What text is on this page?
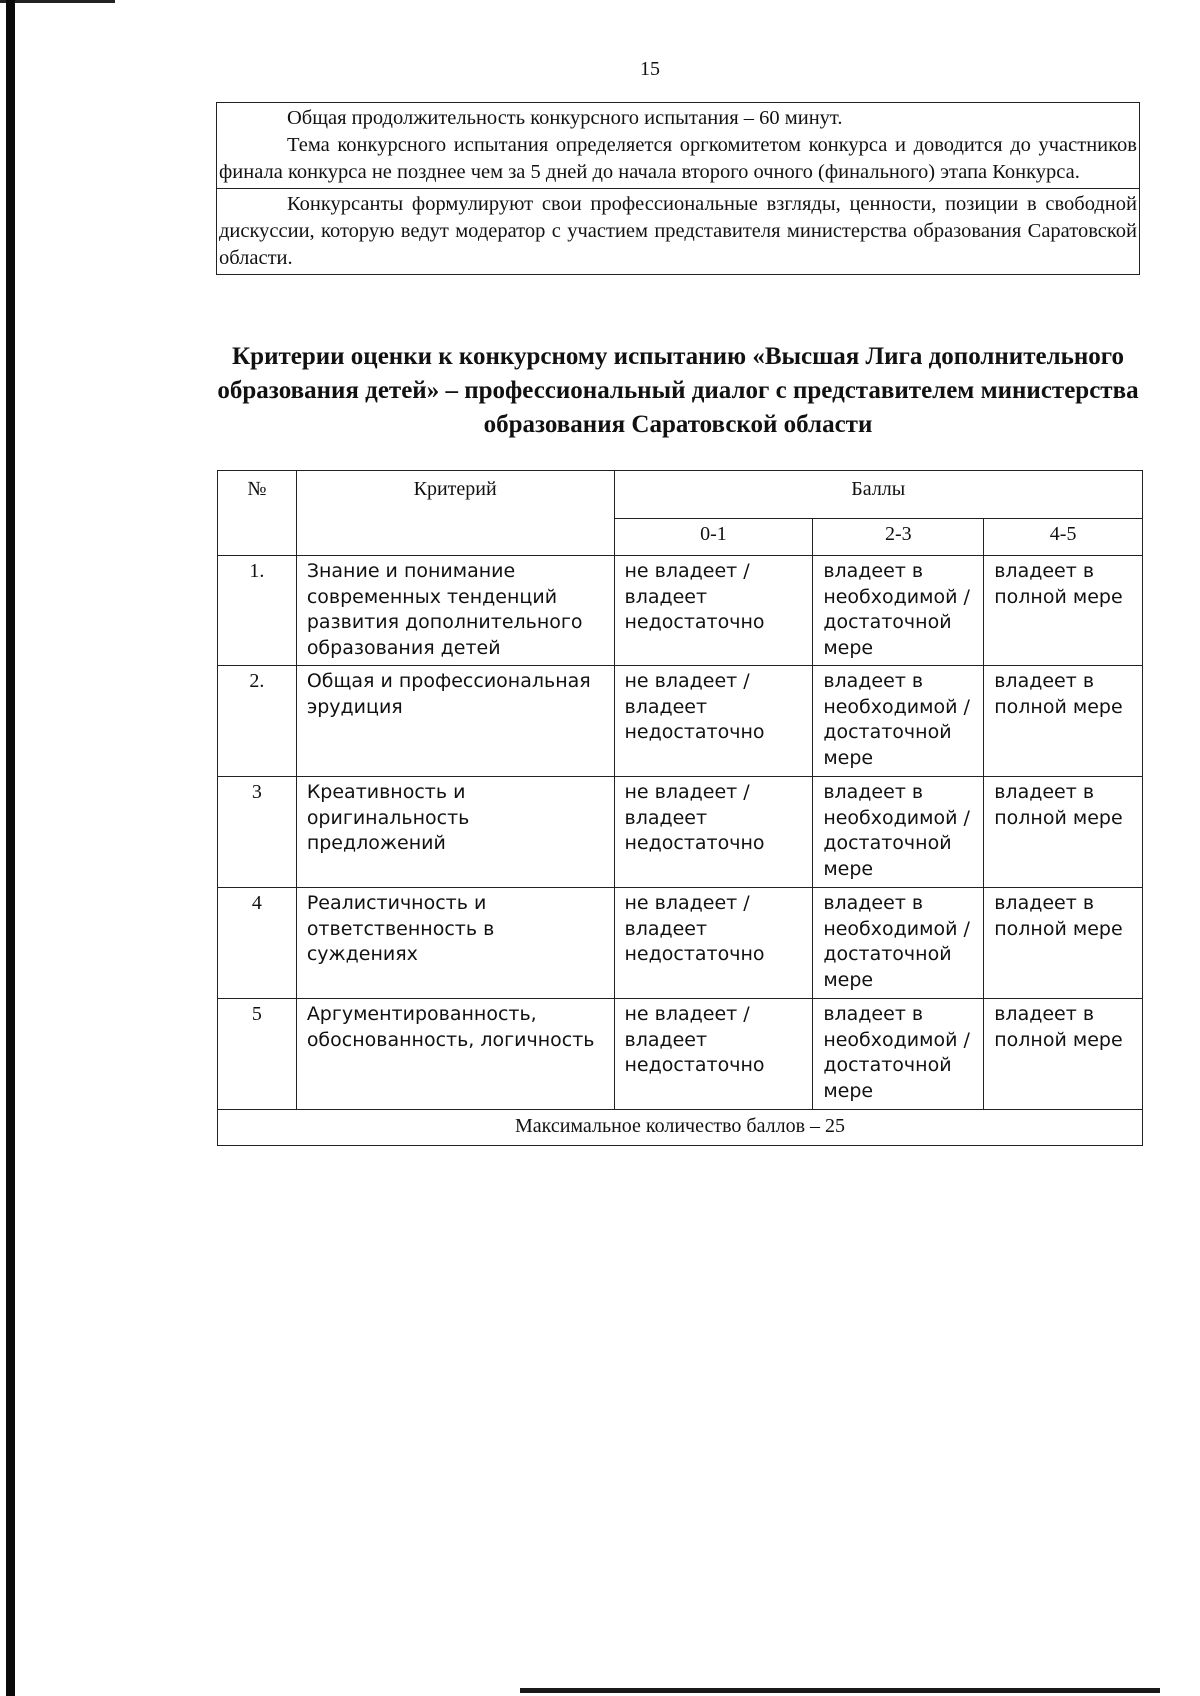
15

Общая продолжительность конкурсного испытания – 60 минут.

Тема конкурсного испытания определяется оргкомитетом конкурса и доводится до участников финала конкурса не позднее чем за 5 дней до начала второго очного (финального) этапа Конкурса.

Конкурсанты формулируют свои профессиональные взгляды, ценности, позиции в свободной дискуссии, которую ведут модератор с участием представителя министерства образования Саратовской области.

Критерии оценки к конкурсному испытанию «Высшая Лига дополнительного образования детей» – профессиональный диалог с представителем министерства образования Саратовской области
№	Критерий	Баллы		
		0-1	2-3	4-5
1.	Знание и понимание современных тенденций развития дополнительного образования детей	не владеет / владеет недостаточно	владеет в необходимой / достаточной мере	владеет в полной мере
2.	Общая и профессиональная эрудиция	не владеет / владеет недостаточно	владеет в необходимой / достаточной мере	владеет в полной мере
3	Креативность и оригинальность предложений	не владеет / владеет недостаточно	владеет в необходимой / достаточной мере	владеет в полной мере
4	Реалистичность и ответственность в суждениях	не владеет / владеет недостаточно	владеет в необходимой / достаточной мере	владеет в полной мере
5	Аргументированность, обоснованность, логичность	не владеет / владеет недостаточно	владеет в необходимой / достаточной мере	владеет в полной мере
Максимальное количество баллов – 25				
